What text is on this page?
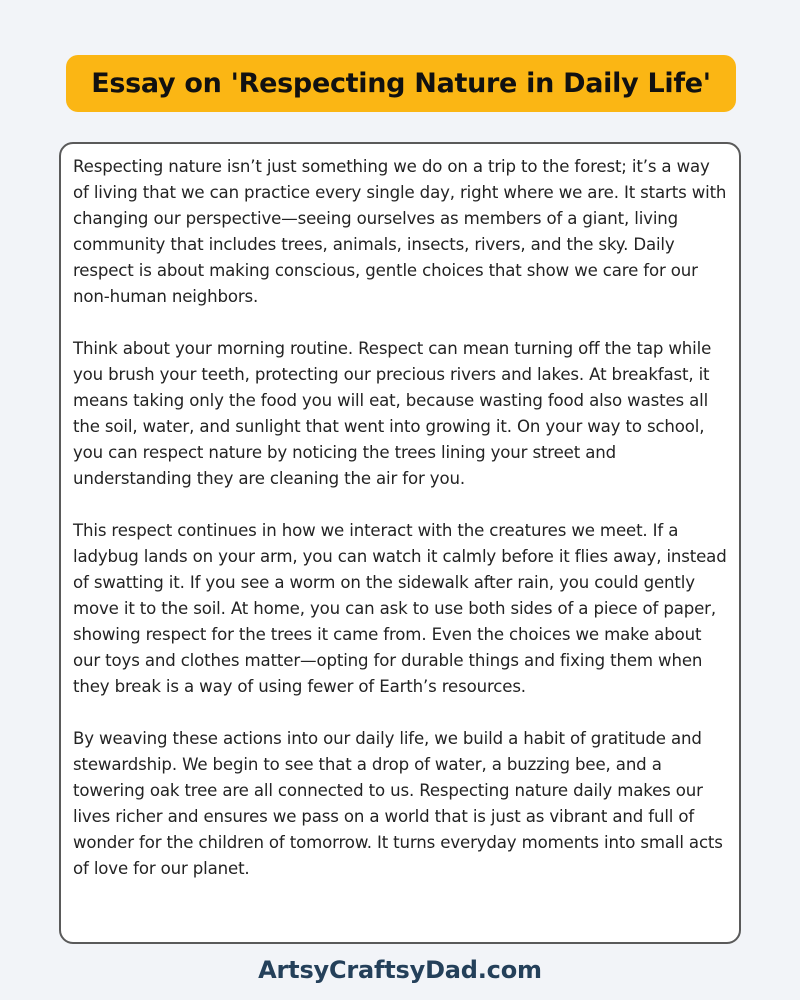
Essay on 'Respecting Nature in Daily Life'

Respecting nature isn’t just something we do on a trip to the forest; it’s a way of living that we can practice every single day, right where we are. It starts with changing our perspective—seeing ourselves as members of a giant, living community that includes trees, animals, insects, rivers, and the sky. Daily respect is about making conscious, gentle choices that show we care for our non-human neighbors.

Think about your morning routine. Respect can mean turning off the tap while you brush your teeth, protecting our precious rivers and lakes. At breakfast, it means taking only the food you will eat, because wasting food also wastes all the soil, water, and sunlight that went into growing it. On your way to school, you can respect nature by noticing the trees lining your street and understanding they are cleaning the air for you.

This respect continues in how we interact with the creatures we meet. If a ladybug lands on your arm, you can watch it calmly before it flies away, instead of swatting it. If you see a worm on the sidewalk after rain, you could gently move it to the soil. At home, you can ask to use both sides of a piece of paper, showing respect for the trees it came from. Even the choices we make about our toys and clothes matter—opting for durable things and fixing them when they break is a way of using fewer of Earth’s resources.

By weaving these actions into our daily life, we build a habit of gratitude and stewardship. We begin to see that a drop of water, a buzzing bee, and a towering oak tree are all connected to us. Respecting nature daily makes our lives richer and ensures we pass on a world that is just as vibrant and full of wonder for the children of tomorrow. It turns everyday moments into small acts of love for our planet.

ArtsyCraftsyDad.com
